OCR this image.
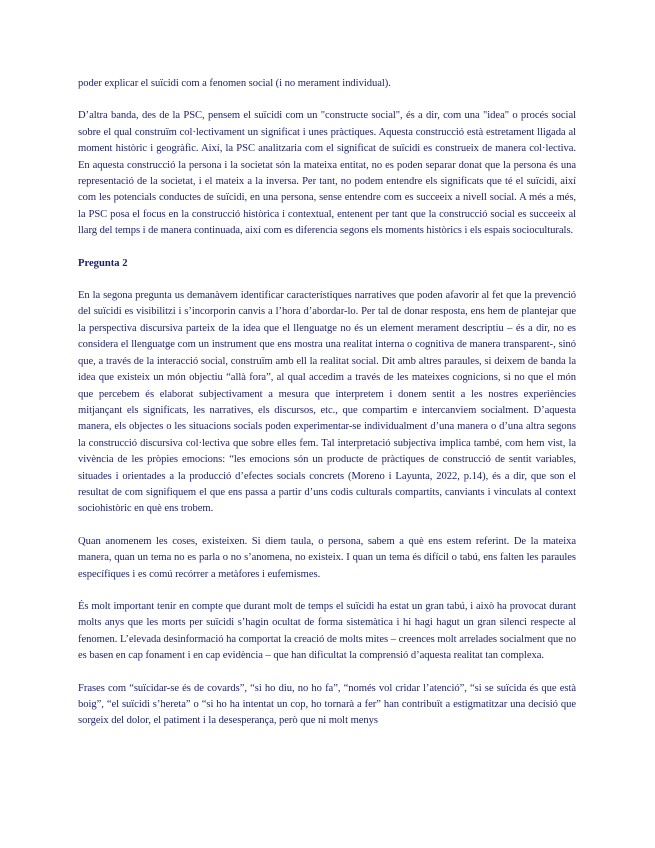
poder explicar el suïcidi com a fenomen social (i no merament individual).

D’altra banda, des de la PSC, pensem el suïcidi com un "constructe social", és a dir, com una "idea" o procés social sobre el qual construïm col·lectivament un significat i unes pràctiques. Aquesta construcció està estretament lligada al moment històric i geogràfic. Així, la PSC analitzaria com el significat de suïcidi es construeix de manera col·lectiva. En aquesta construcció la persona i la societat són la mateixa entitat, no es poden separar donat que la persona és una representació de la societat, i el mateix a la inversa. Per tant, no podem entendre els significats que té el suïcidi, així com les potencials conductes de suïcidi, en una persona, sense entendre com es succeeix a nivell social. A més a més, la PSC posa el focus en la construcció històrica i contextual, entenent per tant que la construcció social es succeeix al llarg del temps i de manera continuada, així com es diferencia segons els moments històrics i els espais socioculturals.

Pregunta 2

En la segona pregunta us demanàvem identificar característiques narratives que poden afavorir al fet que la prevenció del suïcidi es visibilitzi i s’incorporin canvis a l’hora d’abordar-lo. Per tal de donar resposta, ens hem de plantejar que la perspectiva discursiva parteix de la idea que el llenguatge no és un element merament descriptiu – és a dir, no es considera el llenguatge com un instrument que ens mostra una realitat interna o cognitiva de manera transparent-, sinó que, a través de la interacció social, construïm amb ell la realitat social. Dit amb altres paraules, si deixem de banda la idea que existeix un món objectiu “allà fora”, al qual accedim a través de les mateixes cognicions, si no que el món que percebem és elaborat subjectivament a mesura que interpretem i donem sentit a les nostres experiències mitjançant els significats, les narratives, els discursos, etc., que compartim e intercanviem socialment. D’aquesta manera, els objectes o les situacions socials poden experimentar-se individualment d’una manera o d’una altra segons la construcció discursiva col·lectiva que sobre elles fem. Tal interpretació subjectiva implica també, com hem vist, la vivència de les pròpies emocions: “les emocions són un producte de pràctiques de construcció de sentit variables, situades i orientades a la producció d’efectes socials concrets (Moreno i Layunta, 2022, p.14), és a dir, que son el resultat de com signifiquem el que ens passa a partir d’uns codis culturals compartits, canviants i vinculats al context sociohistòric en què ens trobem.

Quan anomenem les coses, existeixen. Si diem taula, o persona, sabem a què ens estem referint. De la mateixa manera, quan un tema no es parla o no s’anomena, no existeix. I quan un tema és difícil o tabú, ens falten les paraules específiques i es comú recórrer a metàfores i eufemismes.

És molt important tenir en compte que durant molt de temps el suïcidi ha estat un gran tabú, i això ha provocat durant molts anys que les morts per suïcidi s’hagin ocultat de forma sistemàtica i hi hagi hagut un gran silenci respecte al fenomen. L’elevada desinformació ha comportat la creació de molts mites – creences molt arrelades socialment que no es basen en cap fonament i en cap evidència – que han dificultat la comprensió d’aquesta realitat tan complexa.

Frases com “suïcidar-se és de covards”, “si ho diu, no ho fa”, “només vol cridar l’atenció”, “si se suïcida és que està boig”, “el suïcidi s’hereta” o “si ho ha intentat un cop, ho tornarà a fer” han contribuït a estigmatitzar una decisió que sorgeix del dolor, el patiment i la desesperança, però que ni molt menys
